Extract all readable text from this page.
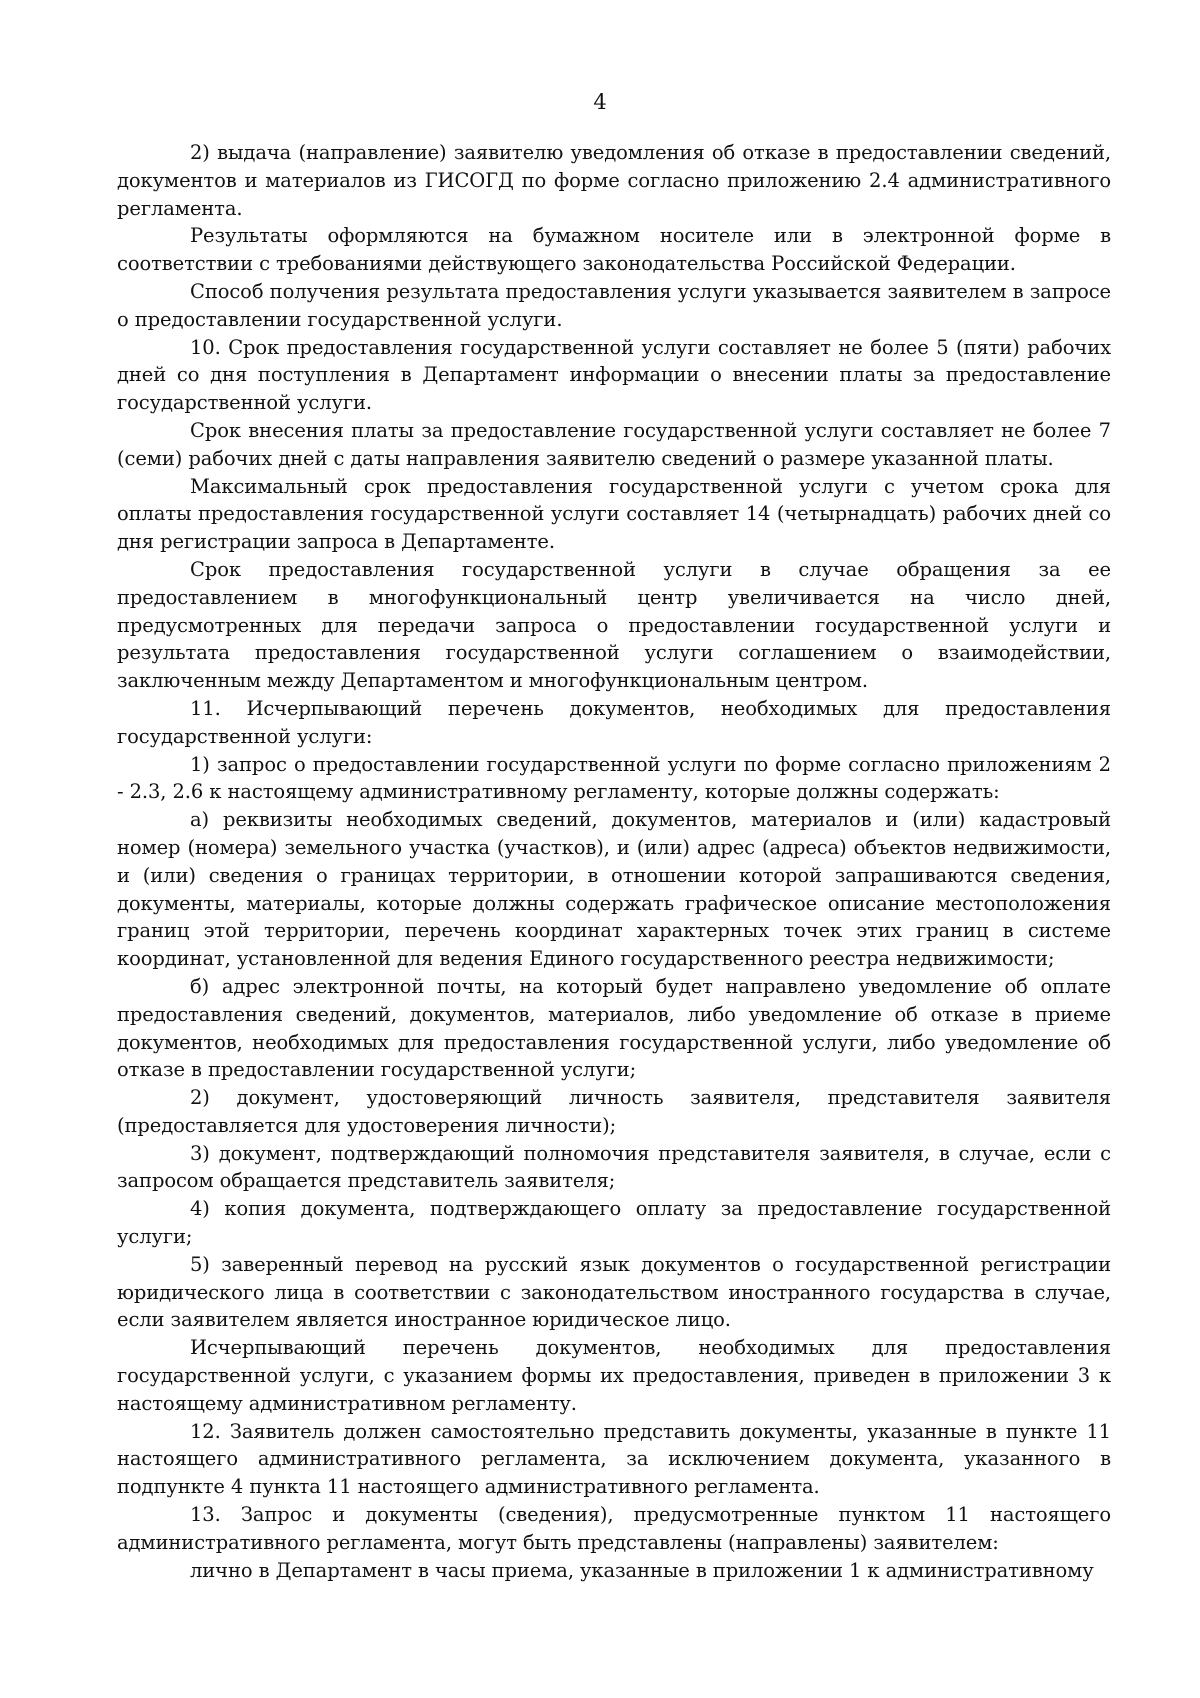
4

2) выдача (направление) заявителю уведомления об отказе в предоставлении сведений, документов и материалов из ГИСОГД по форме согласно приложению 2.4 административного регламента.

Результаты оформляются на бумажном носителе или в электронной форме в соответствии с требованиями действующего законодательства Российской Федерации.

Способ получения результата предоставления услуги указывается заявителем в запросе о предоставлении государственной услуги.

10. Срок предоставления государственной услуги составляет не более 5 (пяти) рабочих дней со дня поступления в Департамент информации о внесении платы за предоставление государственной услуги.

Срок внесения платы за предоставление государственной услуги составляет не более 7 (семи) рабочих дней с даты направления заявителю сведений о размере указанной платы.

Максимальный срок предоставления государственной услуги с учетом срока для оплаты предоставления государственной услуги составляет 14 (четырнадцать) рабочих дней со дня регистрации запроса в Департаменте.

Срок предоставления государственной услуги в случае обращения за ее предоставлением в многофункциональный центр увеличивается на число дней, предусмотренных для передачи запроса о предоставлении государственной услуги и результата предоставления государственной услуги соглашением о взаимодействии, заключенным между Департаментом и многофункциональным центром.

11. Исчерпывающий перечень документов, необходимых для предоставления государственной услуги:

1) запрос о предоставлении государственной услуги по форме согласно приложениям 2 - 2.3, 2.6 к настоящему административному регламенту, которые должны содержать:

а) реквизиты необходимых сведений, документов, материалов и (или) кадастровый номер (номера) земельного участка (участков), и (или) адрес (адреса) объектов недвижимости, и (или) сведения о границах территории, в отношении которой запрашиваются сведения, документы, материалы, которые должны содержать графическое описание местоположения границ этой территории, перечень координат характерных точек этих границ в системе координат, установленной для ведения Единого государственного реестра недвижимости;

б) адрес электронной почты, на который будет направлено уведомление об оплате предоставления сведений, документов, материалов, либо уведомление об отказе в приеме документов, необходимых для предоставления государственной услуги, либо уведомление об отказе в предоставлении государственной услуги;

2) документ, удостоверяющий личность заявителя, представителя заявителя (предоставляется для удостоверения личности);

3) документ, подтверждающий полномочия представителя заявителя, в случае, если с запросом обращается представитель заявителя;

4) копия документа, подтверждающего оплату за предоставление государственной услуги;

5) заверенный перевод на русский язык документов о государственной регистрации юридического лица в соответствии с законодательством иностранного государства в случае, если заявителем является иностранное юридическое лицо.

Исчерпывающий перечень документов, необходимых для предоставления государственной услуги, с указанием формы их предоставления, приведен в приложении 3 к настоящему административном регламенту.

12. Заявитель должен самостоятельно представить документы, указанные в пункте 11 настоящего административного регламента, за исключением документа, указанного в подпункте 4 пункта 11 настоящего административного регламента.

13. Запрос и документы (сведения), предусмотренные пунктом 11 настоящего административного регламента, могут быть представлены (направлены) заявителем:

лично в Департамент в часы приема, указанные в приложении 1 к административному
